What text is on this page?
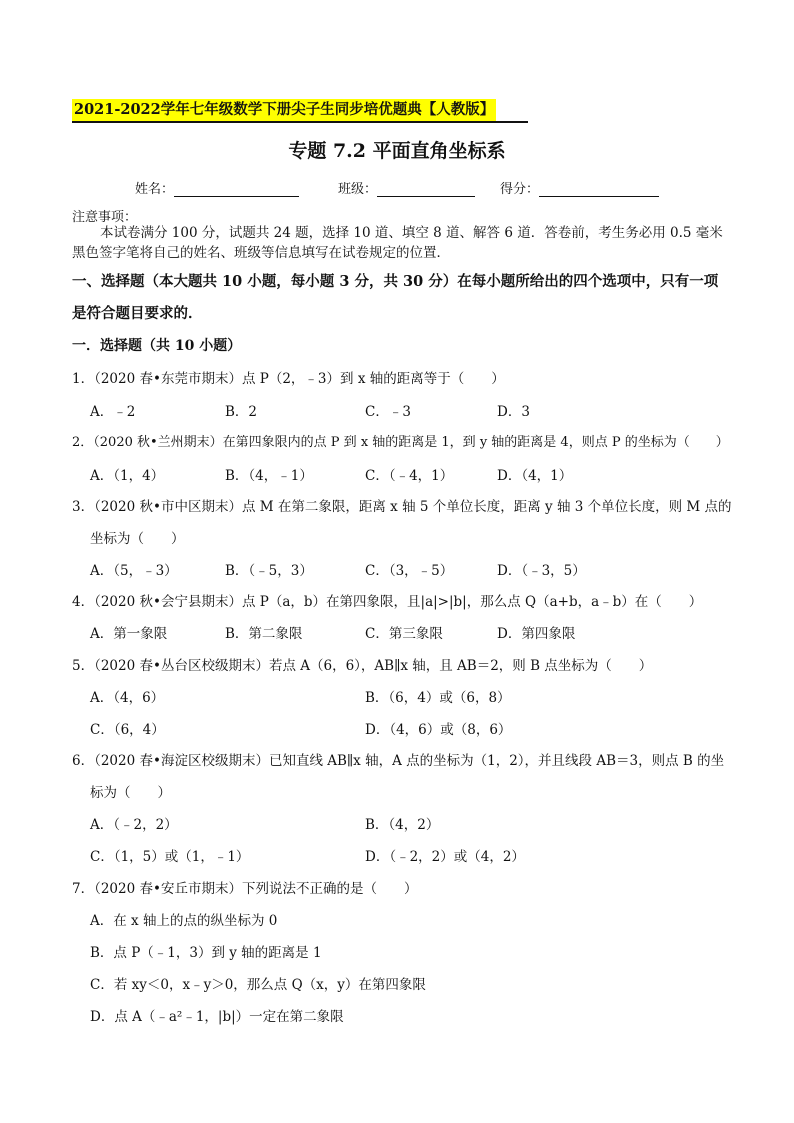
2021-2022学年七年级数学下册尖子生同步培优题典【人教版】
专题 7.2 平面直角坐标系
姓名：	班级：	得分：
注意事项：
本试卷满分 100 分，试题共 24 题，选择 10 道、填空 8 道、解答 6 道．答卷前，考生务必用 0.5 毫米黑色签字笔将自己的姓名、班级等信息填写在试卷规定的位置．
一、选择题（本大题共 10 小题，每小题 3 分，共 30 分）在每小题所给出的四个选项中，只有一项是符合题目要求的．
一．选择题（共 10 小题）
1．（2020 春•东莞市期末）点 P（2，﹣3）到 x 轴的距离等于（　　）
A．﹣2	B．2	C．﹣3	D．3
2．（2020 秋•兰州期末）在第四象限内的点 P 到 x 轴的距离是 1，到 y 轴的距离是 4，则点 P 的坐标为（　　）
A．（1，4）	B．（4，﹣1）	C．（﹣4，1）	D．（4，1）
3．（2020 秋•市中区期末）点 M 在第二象限，距离 x 轴 5 个单位长度，距离 y 轴 3 个单位长度，则 M 点的
坐标为（　　）
A．（5，﹣3）	B．（﹣5，3）	C．（3，﹣5）	D．（﹣3，5）
4．（2020 秋•会宁县期末）点 P（a，b）在第四象限，且|a|>|b|，那么点 Q（a+b，a﹣b）在（　　）
A．第一象限	B．第二象限	C．第三象限	D．第四象限
5．（2020 春•丛台区校级期末）若点 A（6，6），AB∥x 轴，且 AB＝2，则 B 点坐标为（　　）
A．（4，6）	B．（6，4）或（6，8）
C．（6，4）	D．（4，6）或（8，6）
6．（2020 春•海淀区校级期末）已知直线 AB∥x 轴，A 点的坐标为（1，2），并且线段 AB＝3，则点 B 的坐
标为（　　）
A．（﹣2，2）	B．（4，2）
C．（1，5）或（1，﹣1）	D．（﹣2，2）或（4，2）
7．（2020 春•安丘市期末）下列说法不正确的是（　　）
A．在 x 轴上的点的纵坐标为 0
B．点 P（﹣1，3）到 y 轴的距离是 1
C．若 xy＜0，x﹣y＞0，那么点 Q（x，y）在第四象限
D．点 A（﹣a²﹣1，|b|）一定在第二象限
